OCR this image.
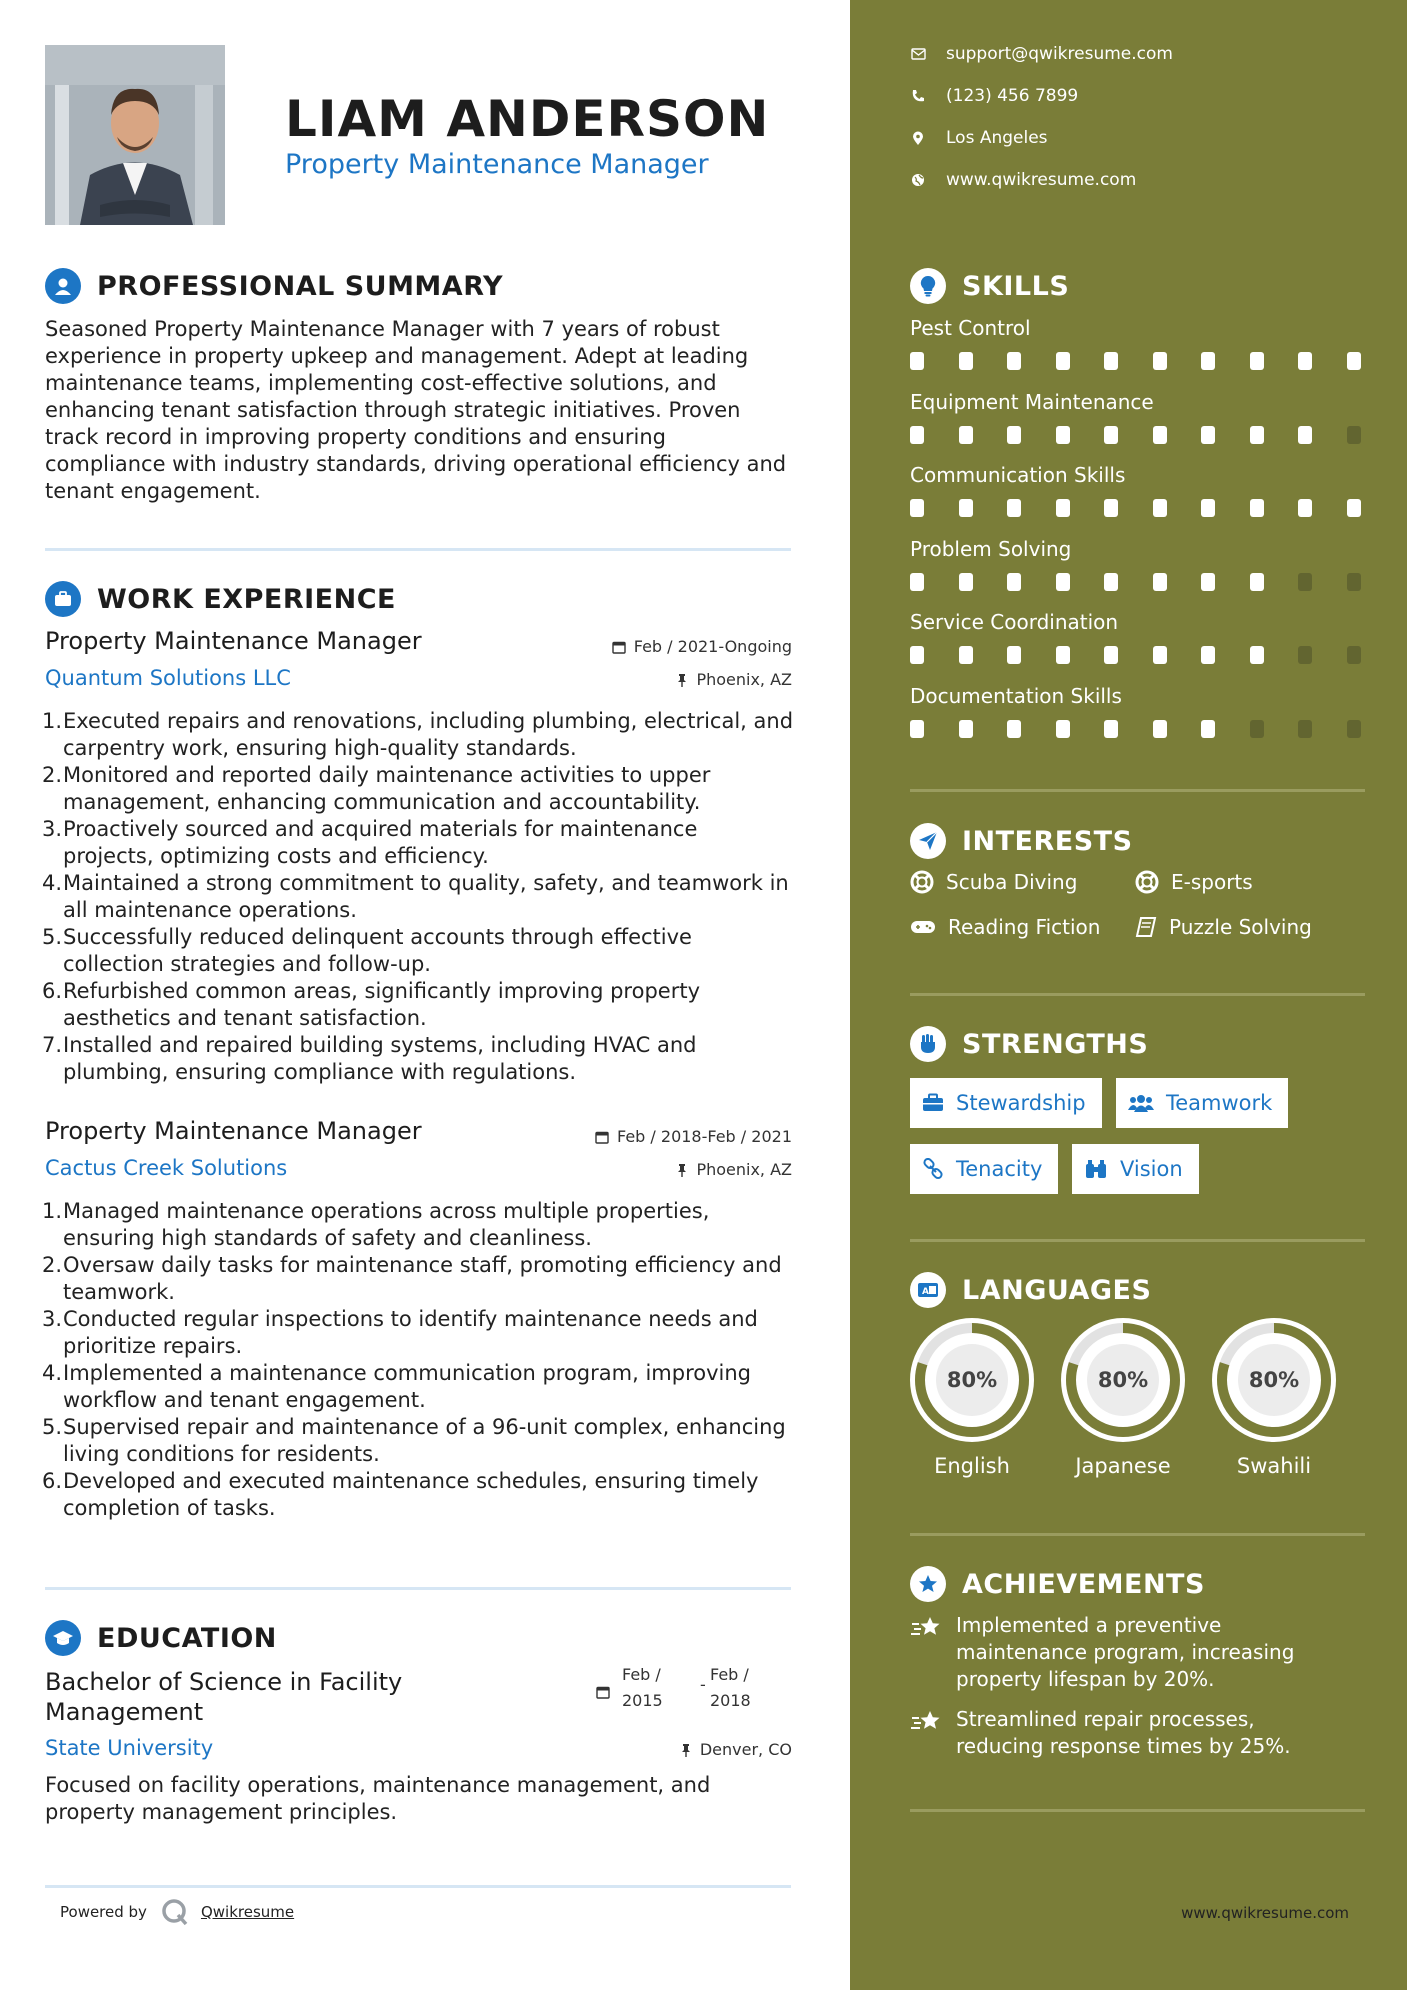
LIAM ANDERSON
Property Maintenance Manager
PROFESSIONAL SUMMARY
Seasoned Property Maintenance Manager with 7 years of robust
experience in property upkeep and management. Adept at leading
maintenance teams, implementing cost-effective solutions, and
enhancing tenant satisfaction through strategic initiatives. Proven
track record in improving property conditions and ensuring
compliance with industry standards, driving operational efficiency and
tenant engagement.
WORK EXPERIENCE
Property Maintenance Manager	Feb / 2021-Ongoing
Quantum Solutions LLC	Phoenix, AZ
1. Executed repairs and renovations, including plumbing, electrical, and
carpentry work, ensuring high-quality standards.
2. Monitored and reported daily maintenance activities to upper
management, enhancing communication and accountability.
3. Proactively sourced and acquired materials for maintenance
projects, optimizing costs and efficiency.
4. Maintained a strong commitment to quality, safety, and teamwork in
all maintenance operations.
5. Successfully reduced delinquent accounts through effective
collection strategies and follow-up.
6. Refurbished common areas, significantly improving property
aesthetics and tenant satisfaction.
7. Installed and repaired building systems, including HVAC and
plumbing, ensuring compliance with regulations.
Property Maintenance Manager	Feb / 2018-Feb / 2021
Cactus Creek Solutions	Phoenix, AZ
1. Managed maintenance operations across multiple properties,
ensuring high standards of safety and cleanliness.
2. Oversaw daily tasks for maintenance staff, promoting efficiency and
teamwork.
3. Conducted regular inspections to identify maintenance needs and
prioritize repairs.
4. Implemented a maintenance communication program, improving
workflow and tenant engagement.
5. Supervised repair and maintenance of a 96-unit complex, enhancing
living conditions for residents.
6. Developed and executed maintenance schedules, ensuring timely
completion of tasks.
EDUCATION
Bachelor of Science in Facility
Management
Feb /
2015
-
Feb /
2018
State University	Denver, CO
Focused on facility operations, maintenance management, and
property management principles.
Powered by	Qwikresume
support@qwikresume.com
(123) 456 7899
Los Angeles
www.qwikresume.com
SKILLS
Pest Control
Equipment Maintenance
Communication Skills
Problem Solving
Service Coordination
Documentation Skills
INTERESTS
Scuba Diving	E-sports
Reading Fiction	Puzzle Solving
STRENGTHS
Stewardship	Teamwork
Tenacity	Vision
A LANGUAGES
80%
English
80%
Japanese
80%
Swahili
ACHIEVEMENTS
Implemented a preventive
maintenance program, increasing
property lifespan by 20%.
Streamlined repair processes,
reducing response times by 25%.
www.qwikresume.com
